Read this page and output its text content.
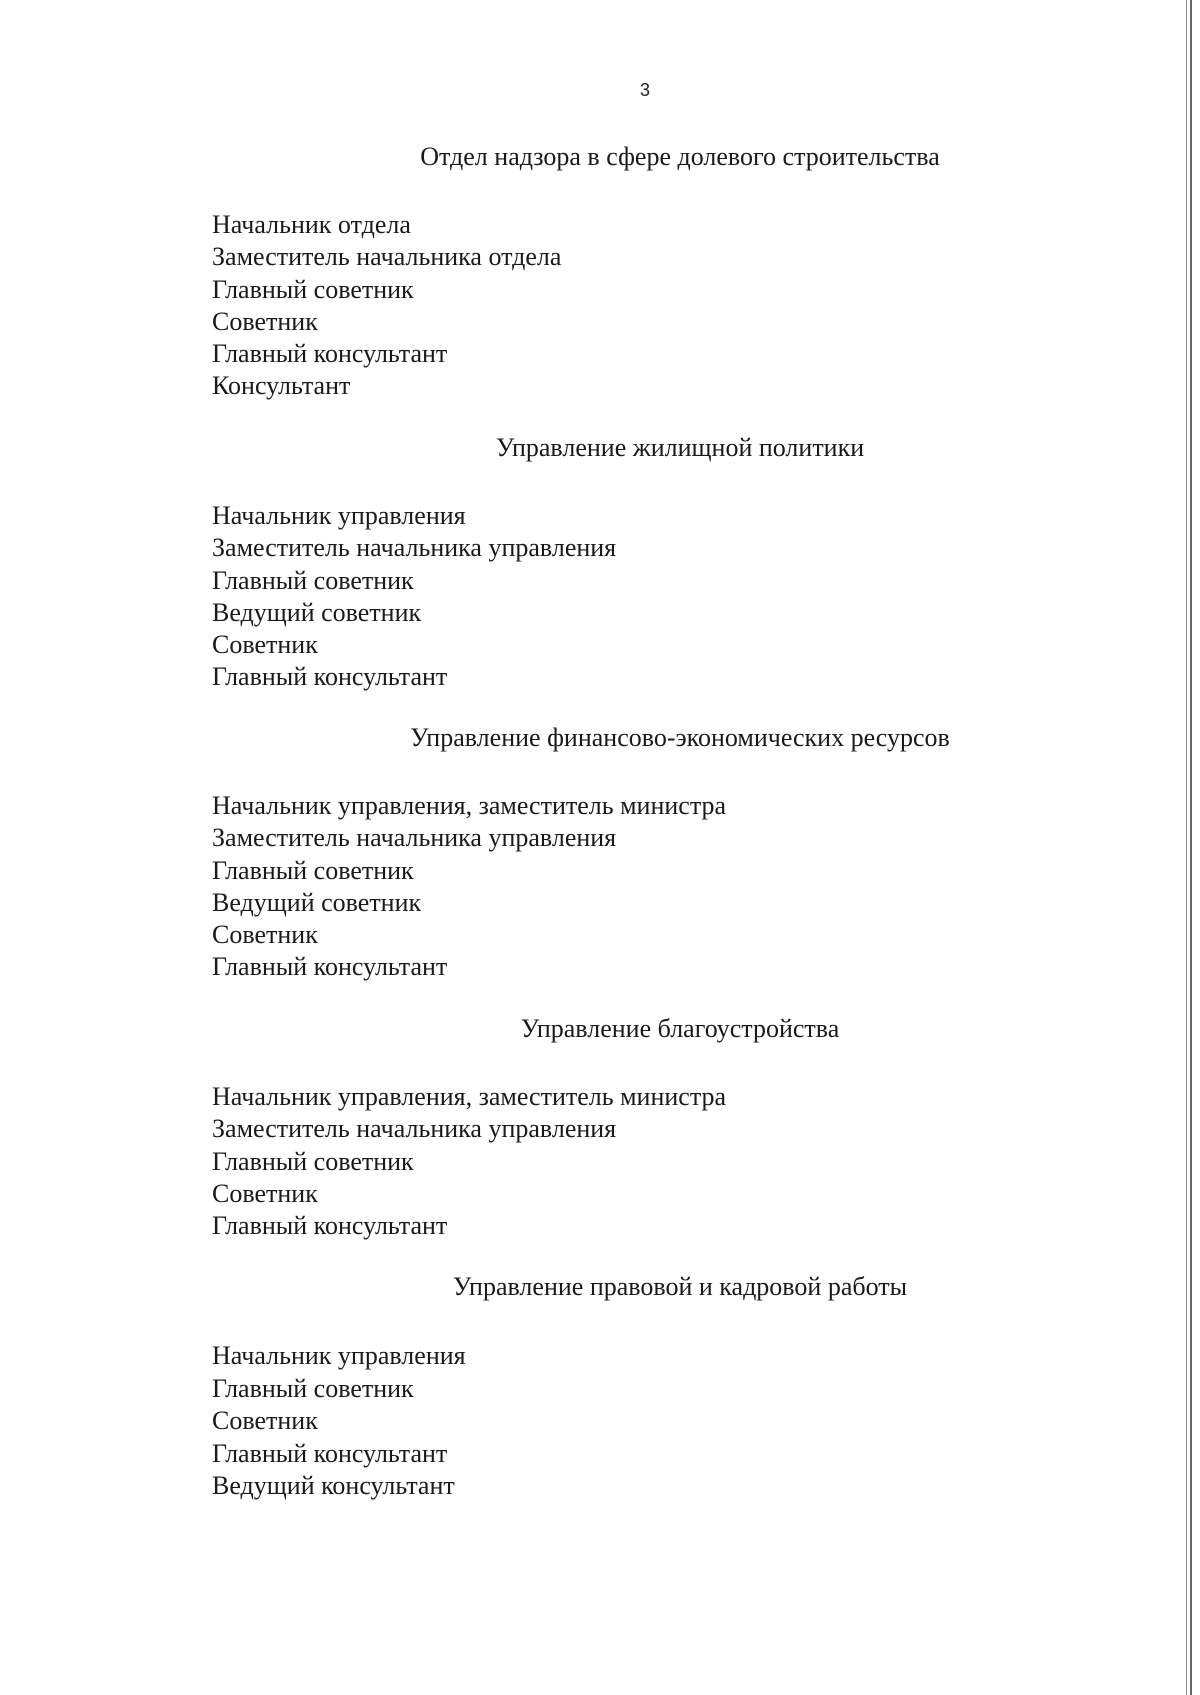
3
Отдел надзора в сфере долевого строительства
Начальник отдела
Заместитель начальника отдела
Главный советник
Советник
Главный консультант
Консультант
Управление жилищной политики
Начальник управления
Заместитель начальника управления
Главный советник
Ведущий советник
Советник
Главный консультант
Управление финансово-экономических ресурсов
Начальник управления, заместитель министра
Заместитель начальника управления
Главный советник
Ведущий советник
Советник
Главный консультант
Управление благоустройства
Начальник управления, заместитель министра
Заместитель начальника управления
Главный советник
Советник
Главный консультант
Управление правовой и кадровой работы
Начальник управления
Главный советник
Советник
Главный консультант
Ведущий консультант
